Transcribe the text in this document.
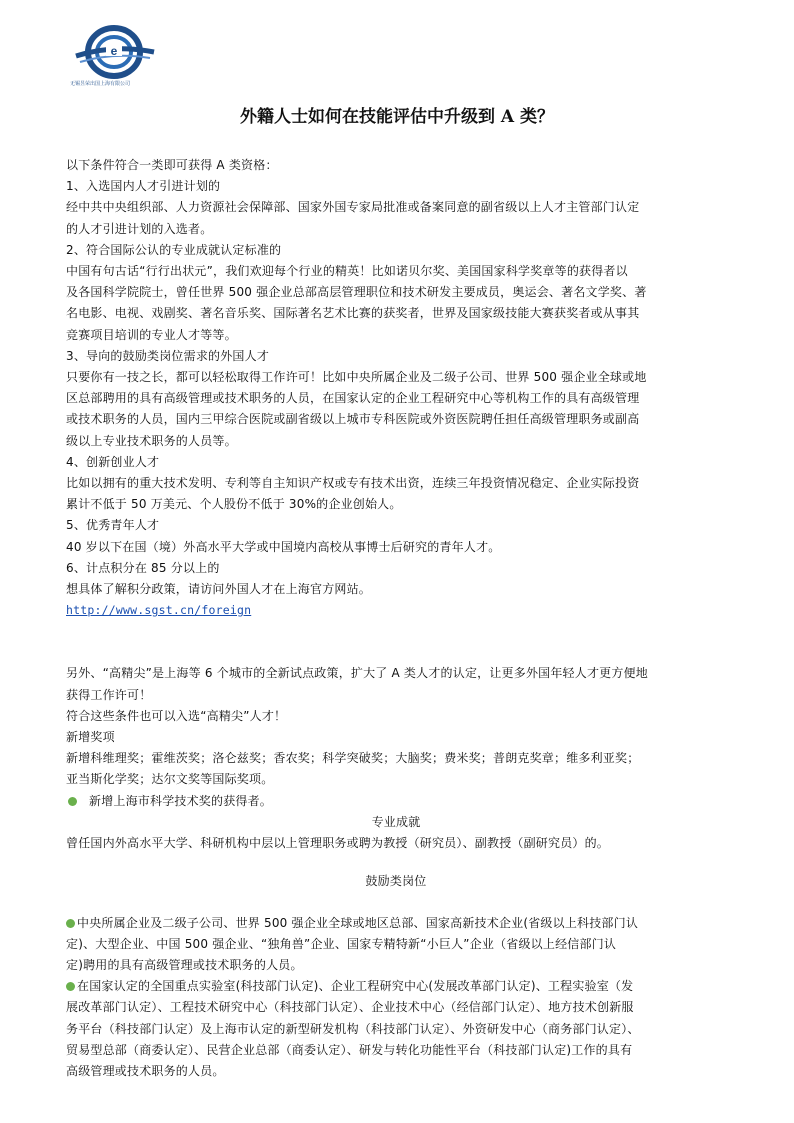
e
无锡昱荣出国上海有限公司
外籍人士如何在技能评估中升级到 A 类？

以下条件符合一类即可获得 A 类资格：

1、入选国内人才引进计划的

经中共中央组织部、人力资源社会保障部、国家外国专家局批准或备案同意的副省级以上人才主管部门认定

的人才引进计划的入选者。

2、符合国际公认的专业成就认定标准的

中国有句古话“行行出状元”，我们欢迎每个行业的精英！比如诺贝尔奖、美国国家科学奖章等的获得者以

及各国科学院院士，曾任世界 500 强企业总部高层管理职位和技术研发主要成员，奥运会、著名文学奖、著

名电影、电视、戏剧奖、著名音乐奖、国际著名艺术比赛的获奖者，世界及国家级技能大赛获奖者或从事其

竞赛项目培训的专业人才等等。

3、导向的鼓励类岗位需求的外国人才

只要你有一技之长，都可以轻松取得工作许可！比如中央所属企业及二级子公司、世界 500 强企业全球或地

区总部聘用的具有高级管理或技术职务的人员，在国家认定的企业工程研究中心等机构工作的具有高级管理

或技术职务的人员，国内三甲综合医院或副省级以上城市专科医院或外资医院聘任担任高级管理职务或副高

级以上专业技术职务的人员等。

4、创新创业人才

比如以拥有的重大技术发明、专利等自主知识产权或专有技术出资，连续三年投资情况稳定、企业实际投资

累计不低于 50 万美元、个人股份不低于 30%的企业创始人。

5、优秀青年人才

40 岁以下在国（境）外高水平大学或中国境内高校从事博士后研究的青年人才。

6、计点积分在 85 分以上的

想具体了解积分政策，请访问外国人才在上海官方网站。

http://www.sgst.cn/foreign

另外、“高精尖”是上海等 6 个城市的全新试点政策，扩大了 A 类人才的认定，让更多外国年轻人才更方便地

获得工作许可！

符合这些条件也可以入选“高精尖”人才！

新增奖项

新增科维理奖；霍维茨奖；洛仑兹奖；香农奖；科学突破奖；大脑奖；费米奖；普朗克奖章；维多利亚奖；

亚当斯化学奖；达尔文奖等国际奖项。

新增上海市科学技术奖的获得者。

专业成就

曾任国内外高水平大学、科研机构中层以上管理职务或聘为教授（研究员）、副教授（副研究员）的。

鼓励类岗位

中央所属企业及二级子公司、世界 500 强企业全球或地区总部、国家高新技术企业(省级以上科技部门认

定)、大型企业、中国 500 强企业、“独角兽”企业、国家专精特新“小巨人”企业（省级以上经信部门认

定)聘用的具有高级管理或技术职务的人员。

在国家认定的全国重点实验室(科技部门认定)、企业工程研究中心(发展改革部门认定)、工程实验室（发

展改革部门认定）、工程技术研究中心（科技部门认定）、企业技术中心（经信部门认定）、地方技术创新服

务平台（科技部门认定）及上海市认定的新型研发机构（科技部门认定）、外资研发中心（商务部门认定）、

贸易型总部（商委认定）、民营企业总部（商委认定）、研发与转化功能性平台（科技部门认定)工作的具有

高级管理或技术职务的人员。
